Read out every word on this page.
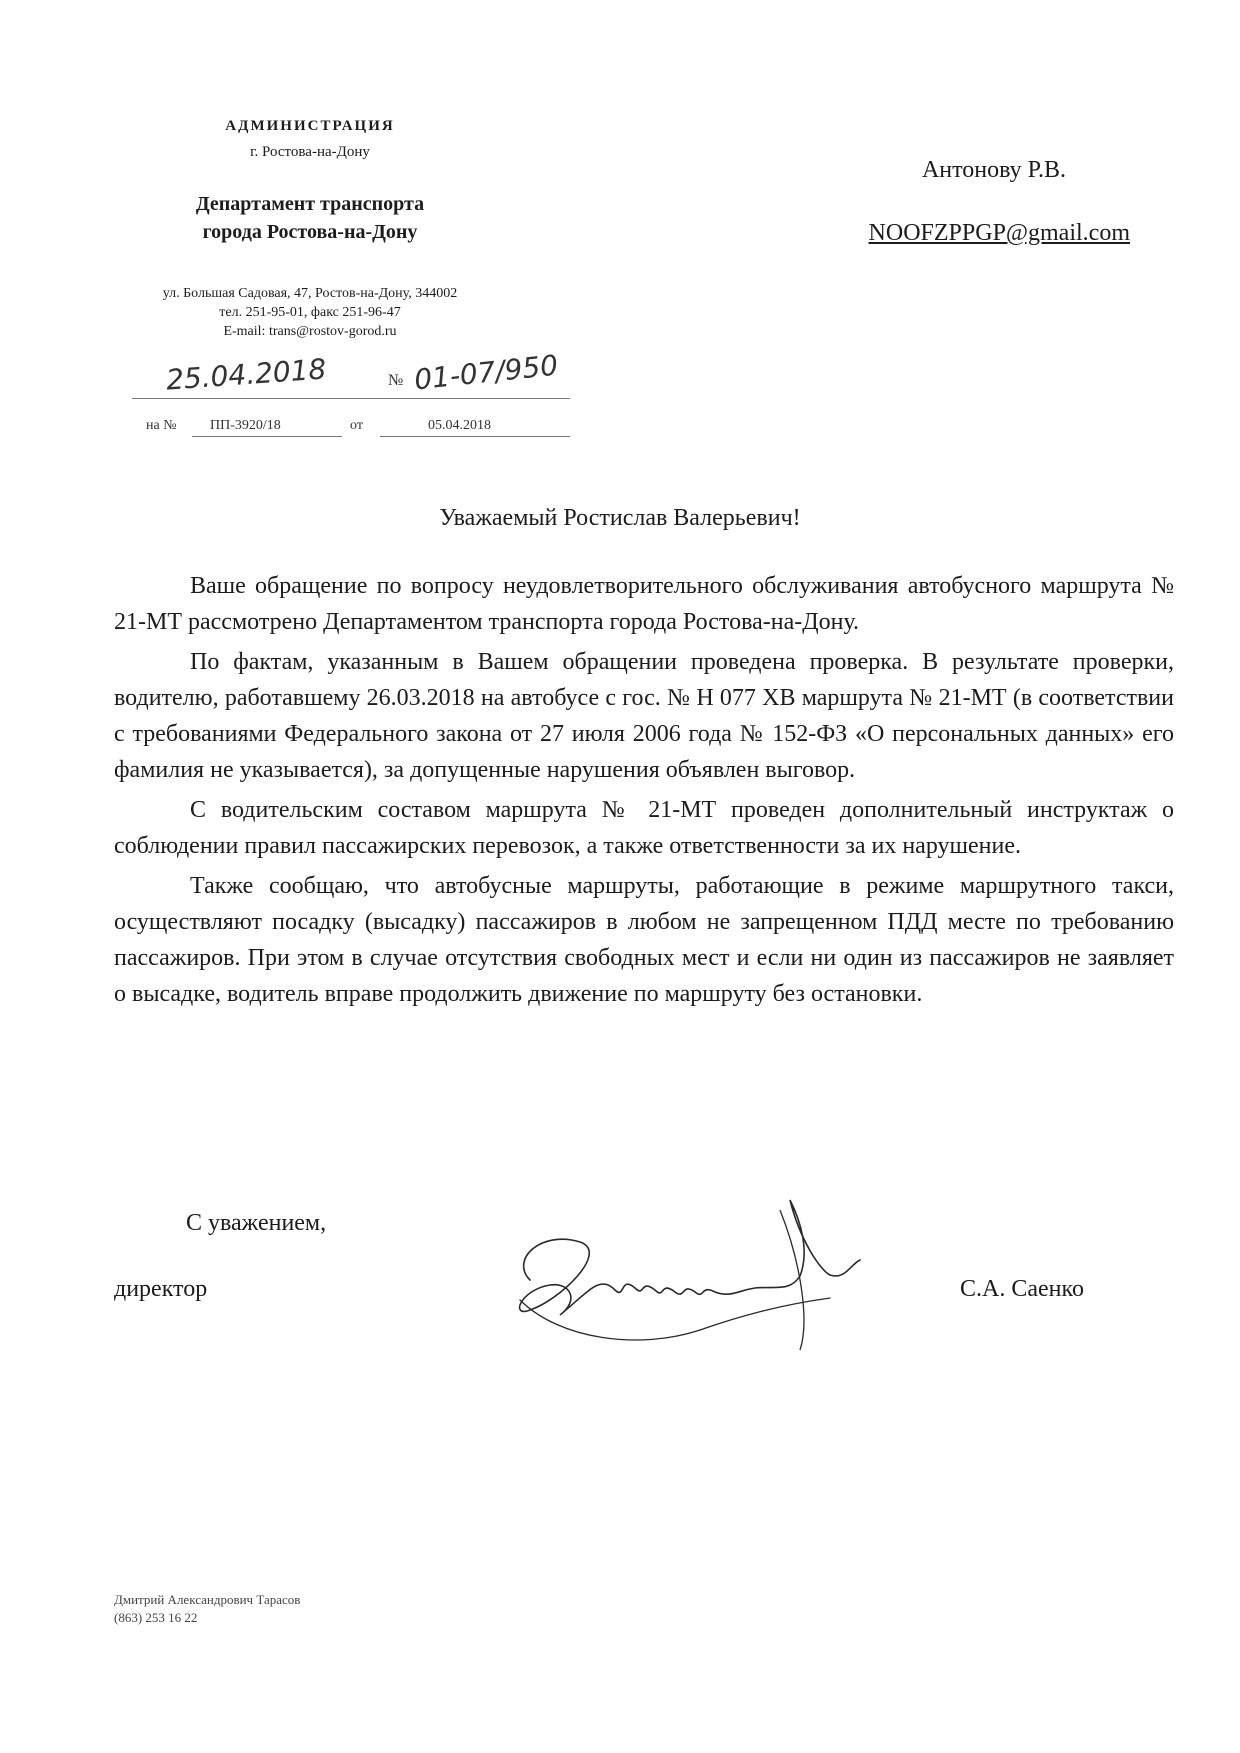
АДМИНИСТРАЦИЯ
г. Ростова-на-Дону
Департамент транспорта
города Ростова-на-Дону
ул. Большая Садовая, 47, Ростов-на-Дону, 344002
тел. 251-95-01, факс 251-96-47
E-mail: trans@rostov-gorod.ru
25.04.2018	№ 01-07/950
на № ПП-3920/18	от	05.04.2018
Антонову Р.В.
NOOFZPPGP@gmail.com
Уважаемый Ростислав Валерьевич!

Ваше обращение по вопросу неудовлетворительного обслуживания автобусного маршрута № 21-МТ рассмотрено Департаментом транспорта города Ростова-на-Дону.

По фактам, указанным в Вашем обращении проведена проверка. В результате проверки, водителю, работавшему 26.03.2018 на автобусе с гос. № Н 077 ХВ маршрута № 21-МТ (в соответствии с требованиями Федерального закона от 27 июля 2006 года № 152-ФЗ «О персональных данных» его фамилия не указывается), за допущенные нарушения объявлен выговор.

С водительским составом маршрута № 21-МТ проведен дополнительный инструктаж о соблюдении правил пассажирских перевозок, а также ответственности за их нарушение.

Также сообщаю, что автобусные маршруты, работающие в режиме маршрутного такси, осуществляют посадку (высадку) пассажиров в любом не запрещенном ПДД месте по требованию пассажиров. При этом в случае отсутствия свободных мест и если ни один из пассажиров не заявляет о высадке, водитель вправе продолжить движение по маршруту без остановки.

С уважением,
директор	С.А. Саенко
Дмитрий Александрович Тарасов
(863) 253 16 22
